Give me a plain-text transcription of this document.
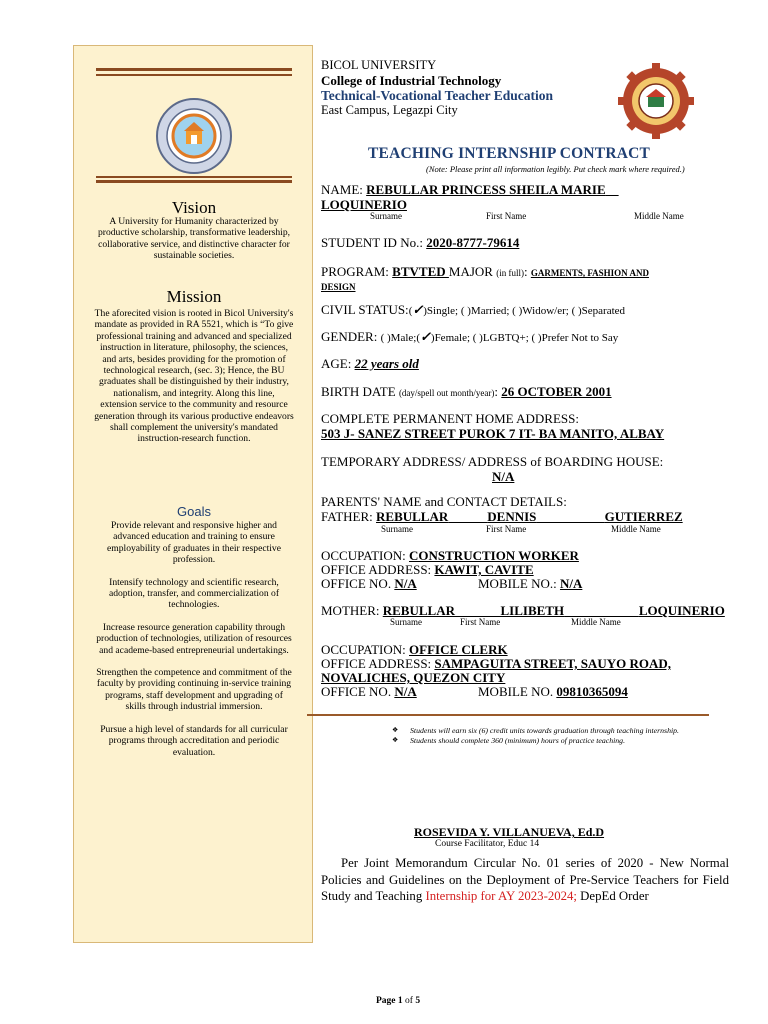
Vision
A University for Humanity characterized by productive scholarship, transformative leadership, collaborative service, and distinctive character for sustainable societies.
Mission
The aforecited vision is rooted in Bicol University's mandate as provided in RA 5521, which is “To give professional training and advanced and specialized instruction in literature, philosophy, the sciences, and arts, besides providing for the promotion of technological research, (sec. 3); Hence, the BU graduates shall be distinguished by their industry, nationalism, and integrity. Along this line, extension service to the community and resource generation through its various productive endeavors shall complement the university's mandated instruction-research function.
Goals

Provide relevant and responsive higher and advanced education and training to ensure employability of graduates in their respective profession.

Intensify technology and scientific research, adoption, transfer, and commercialization of technologies.

Increase resource generation capability through production of technologies, utilization of resources and academe-based entrepreneurial undertakings.

Strengthen the competence and commitment of the faculty by providing continuing in-service training programs, staff development and upgrading of skills through industrial immersion.

Pursue a high level of standards for all curricular programs through accreditation and periodic evaluation.

BICOL UNIVERSITY
College of Industrial Technology
Technical-Vocational Teacher Education
East Campus, Legazpi City
TEACHING INTERNSHIP CONTRACT
(Note: Please print all information legibly. Put check mark where required.)
NAME: REBULLAR PRINCESS SHEILA MARIE
LOQUINERIO
Surname	First Name	Middle Name
STUDENT ID No.: 2020-8777-79614
PROGRAM: BTVTED MAJOR (in full): GARMENTS, FASHION AND
DESIGN
CIVIL STATUS:(✓)Single; ( )Married; ( )Widow/er; ( )Separated
GENDER: ( )Male;(✓)Female; ( )LGBTQ+; ( )Prefer Not to Say
AGE: 22 years old
BIRTH DATE (day/spell out month/year): 26 OCTOBER 2001
COMPLETE PERMANENT HOME ADDRESS:
503 J- SANEZ STREET PUROK 7 IT- BA MANITO, ALBAY
TEMPORARY ADDRESS/ ADDRESS of BOARDING HOUSE:
N/A
PARENTS' NAME and CONTACT DETAILS:
FATHER: REBULLAR	DENNIS	GUTIERREZ
Surname	First Name	Middle Name
OCCUPATION: CONSTRUCTION WORKER
OFFICE ADDRESS: KAWIT, CAVITE
OFFICE NO. N/A	MOBILE NO.: N/A
MOTHER: REBULLAR	LILIBETH	LOQUINERIO
Surname	First Name	Middle Name
OCCUPATION: OFFICE CLERK
OFFICE ADDRESS: SAMPAGUITA STREET, SAUYO ROAD,
NOVALICHES, QUEZON CITY
OFFICE NO. N/A	MOBILE NO. 09810365094
❖	Students will earn six (6) credit units towards graduation through teaching internship.
❖	Students should complete 360 (minimum) hours of practice teaching.
ROSEVIDA Y. VILLANUEVA, Ed.D
Course Facilitator, Educ 14
Per Joint Memorandum Circular No. 01 series of 2020 - New Normal Policies and Guidelines on the Deployment of Pre-Service Teachers for Field Study and Teaching Internship for AY 2023-2024; DepEd Order
Page 1 of 5
